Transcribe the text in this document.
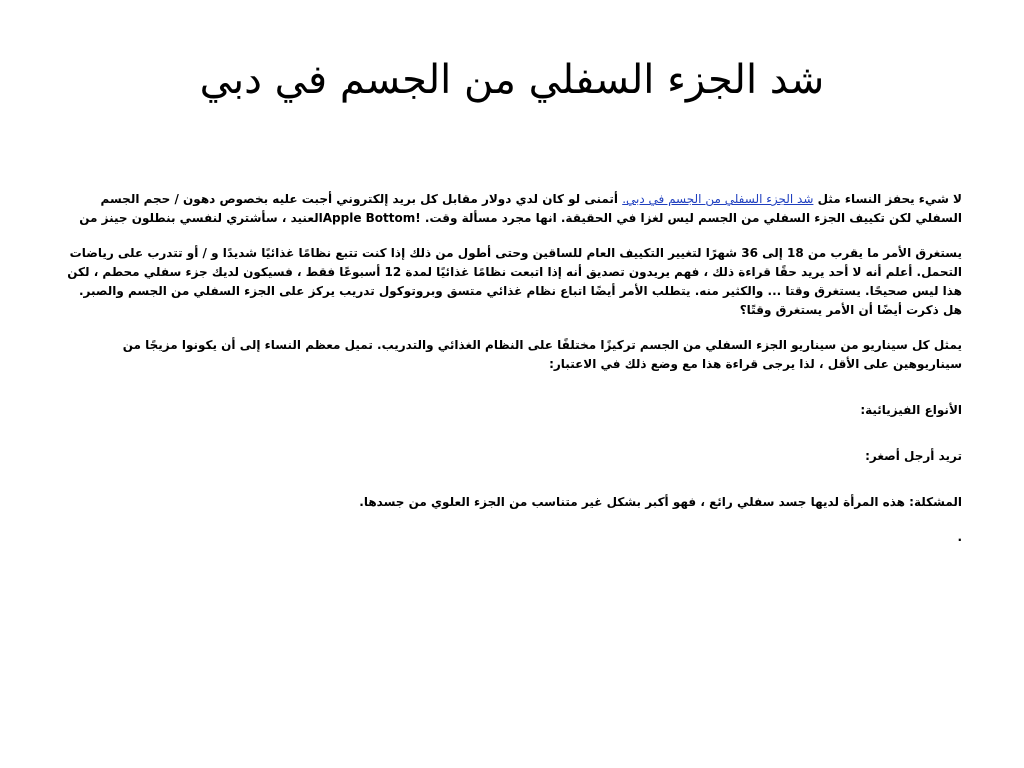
شد الجزء السفلي من الجسم في دبي

لا شيء يحفز النساء مثل شد الجزء السفلي من الجسم في دبي. أتمنى لو كان لدي دولار مقابل كل بريد إلكتروني أجبت عليه بخصوص دهون / حجم الجسم السفلي لكن تكييف الجزء السفلي من الجسم ليس لغزا في الحقيقة. انها مجرد مسألة وقت. Apple Bottom!العنيد ، سأشتري لنفسي بنطلون جينز من

يستغرق الأمر ما يقرب من 18 إلى 36 شهرًا لتغيير التكييف العام للساقين وحتى أطول من ذلك إذا كنت تتبع نظامًا غذائيًا شديدًا و / أو تتدرب على رياضات التحمل. أعلم أنه لا أحد يريد حقًا قراءة ذلك ، فهم يريدون تصديق أنه إذا اتبعت نظامًا غذائيًا لمدة 12 أسبوعًا فقط ، فسيكون لديك جزء سفلي محطم ، لكن هذا ليس صحيحًا. يستغرق وقتا ... والكثير منه. يتطلب الأمر أيضًا اتباع نظام غذائي متسق وبروتوكول تدريب يركز على الجزء السفلي من الجسم والصبر. هل ذكرت أيضًا أن الأمر يستغرق وقتًا؟

يمثل كل سيناريو من سيناريو الجزء السفلي من الجسم تركيزًا مختلفًا على النظام الغذائي والتدريب. تميل معظم النساء إلى أن يكونوا مزيجًا من سيناريوهين على الأقل ، لذا يرجى قراءة هذا مع وضع ذلك في الاعتبار:

الأنواع الفيزيائية:

تريد أرجل أصغر:

المشكلة: هذه المرأة لديها جسد سفلي رائع ، فهو أكبر بشكل غير متناسب من الجزء العلوي من جسدها.

.
